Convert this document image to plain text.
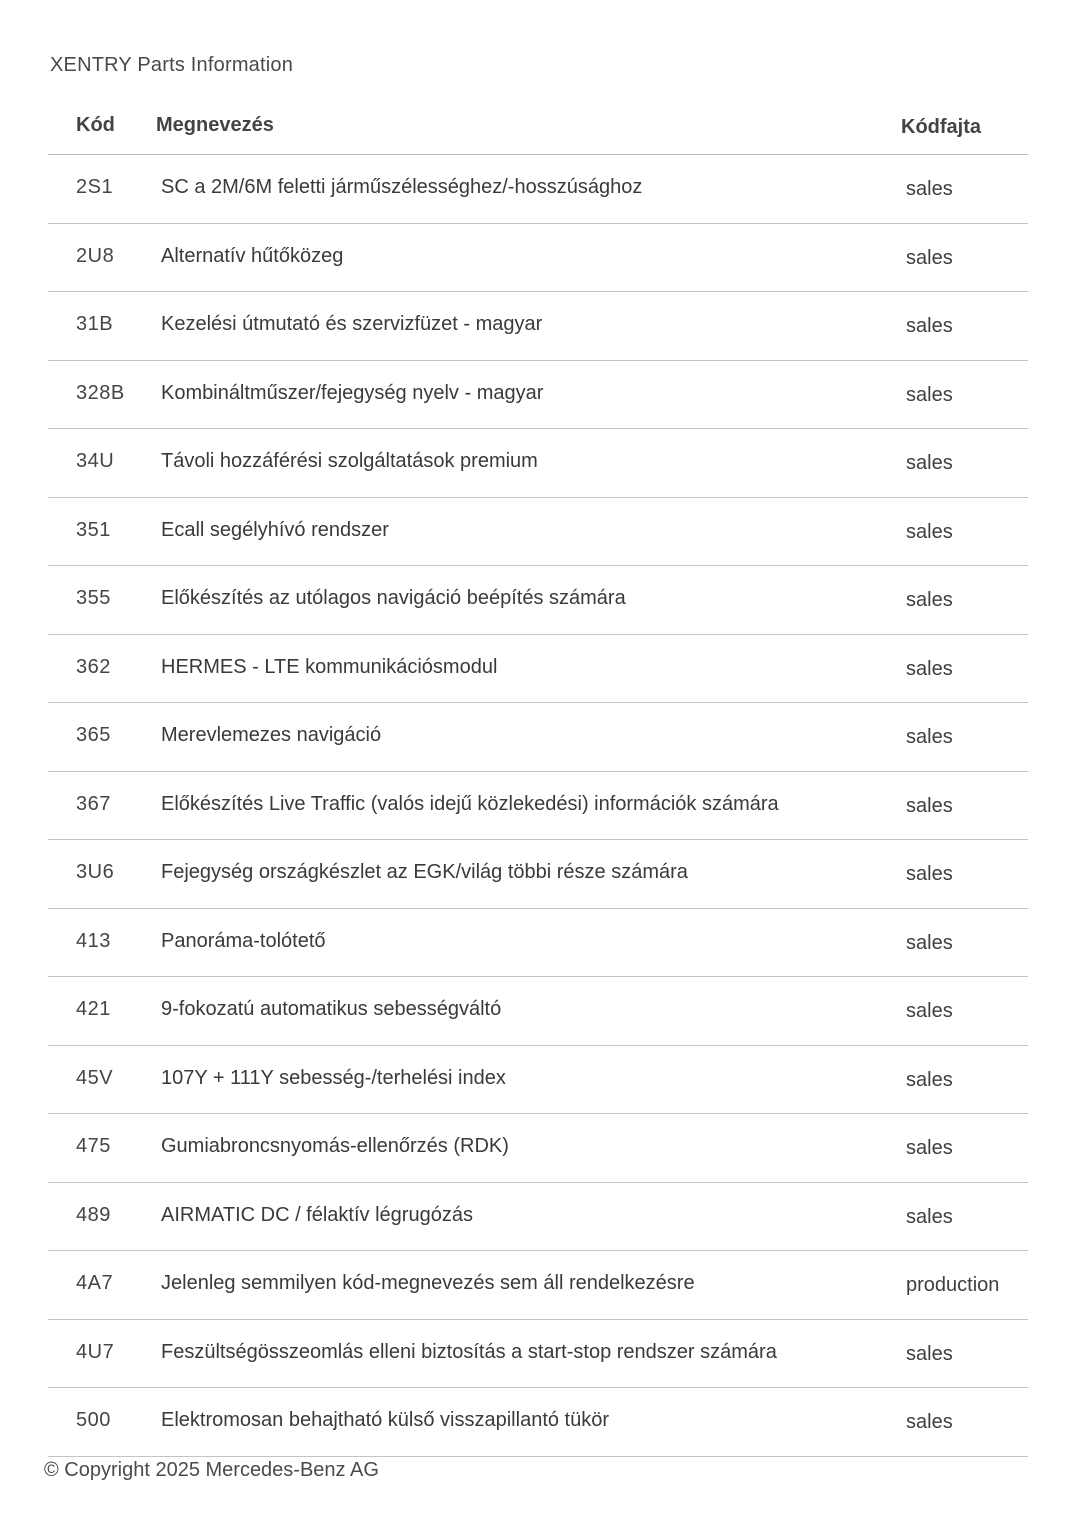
XENTRY Parts Information
Kód Megnevezés	Kódfajta
2S1 SC a 2M/6M feletti járműszélességhez/-hosszúsághoz	sales
2U8 Alternatív hűtőközeg	sales
31B Kezelési útmutató és szervizfüzet - magyar	sales
328B Kombináltműszer/fejegység nyelv - magyar	sales
34U Távoli hozzáférési szolgáltatások premium	sales
351	Ecall segélyhívó rendszer	sales
355	Előkészítés az utólagos navigáció beépítés számára	sales
362	HERMES - LTE kommunikációsmodul	sales
365	Merevlemezes navigáció	sales
367	Előkészítés Live Traffic (valós idejű közlekedési) információk számára	sales
3U6 Fejegység országkészlet az EGK/világ többi része számára	sales
413	Panoráma-tolótető	sales
421	9-fokozatú automatikus sebességváltó	sales
45V 107Y + 111Y sebesség-/terhelési index	sales
475	Gumiabroncsnyomás-ellenőrzés (RDK)	sales
489	AIRMATIC DC / félaktív légrugózás	sales
4A7 Jelenleg semmilyen kód-megnevezés sem áll rendelkezésre	production
4U7 Feszültségösszeomlás elleni biztosítás a start-stop rendszer számára	sales
500	Elektromosan behajtható külső visszapillantó tükör	sales
© Copyright 2025 Mercedes-Benz AG
